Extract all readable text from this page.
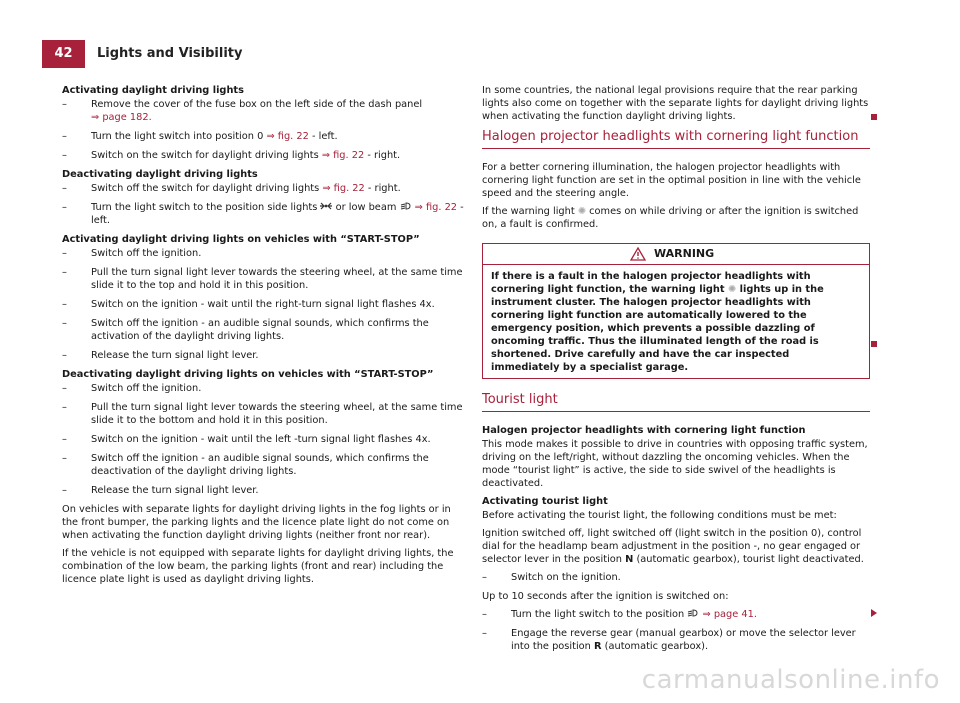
42	Lights and Visibility

Activating daylight driving lights

– Remove the cover of the fuse box on the left side of the dash panel
⇒ page 182.
– Turn the light switch into position 0 ⇒ fig. 22 - left.
– Switch on the switch for daylight driving lights ⇒ fig. 22 - right.

Deactivating daylight driving lights

– Switch off the switch for daylight driving lights ⇒ fig. 22 - right.
– Turn the light switch to the position side lights  or low beam ⇒ fig. 22 -
left.

Activating daylight driving lights on vehicles with “START-STOP”

– Switch off the ignition.
– Pull the turn signal light lever towards the steering wheel, at the same time slide it to the top and hold it in this position.
– Switch on the ignition - wait until the right-turn signal light flashes 4x.
– Switch off the ignition - an audible signal sounds, which confirms the activation of the daylight driving lights.
– Release the turn signal light lever.

Deactivating daylight driving lights on vehicles with “START-STOP”

– Switch off the ignition.
– Pull the turn signal light lever towards the steering wheel, at the same time slide it to the bottom and hold it in this position.
– Switch on the ignition - wait until the left -turn signal light flashes 4x.
– Switch off the ignition - an audible signal sounds, which confirms the deactivation of the daylight driving lights.
– Release the turn signal light lever.

On vehicles with separate lights for daylight driving lights in the fog lights or in the front bumper, the parking lights and the licence plate light do not come on when activating the function daylight driving lights (neither front nor rear).

If the vehicle is not equipped with separate lights for daylight driving lights, the combination of the low beam, the parking lights (front and rear) including the licence plate light is used as daylight driving lights.

In some countries, the national legal provisions require that the rear parking lights also come on together with the separate lights for daylight driving lights when activating the function daylight driving lights.

Halogen projector headlights with cornering light function

For a better cornering illumination, the halogen projector headlights with cornering light function are set in the optimal position in line with the vehicle speed and the steering angle.

If the warning light ✺ comes on while driving or after the ignition is switched on, a fault is confirmed.

WARNING
If there is a fault in the halogen projector headlights with cornering light function, the warning light ✺ lights up in the instrument cluster. The halogen projector headlights with cornering light function are automatically lowered to the emergency position, which prevents a possible dazzling of oncoming traffic. Thus the illuminated length of the road is shortened. Drive carefully and have the car inspected immediately by a specialist garage.
Tourist light

Halogen projector headlights with cornering light function

This mode makes it possible to drive in countries with opposing traffic system, driving on the left/right, without dazzling the oncoming vehicles. When the mode “tourist light” is active, the side to side swivel of the headlights is deactivated.

Activating tourist light

Before activating the tourist light, the following conditions must be met:

Ignition switched off, light switched off (light switch in the position 0), control dial for the headlamp beam adjustment in the position -, no gear engaged or selector lever in the position N (automatic gearbox), tourist light deactivated.

– Switch on the ignition.

Up to 10 seconds after the ignition is switched on:

– Turn the light switch to the position ⇒ page 41.
– Engage the reverse gear (manual gearbox) or move the selector lever into the position R (automatic gearbox).
carmanualsonline.info
